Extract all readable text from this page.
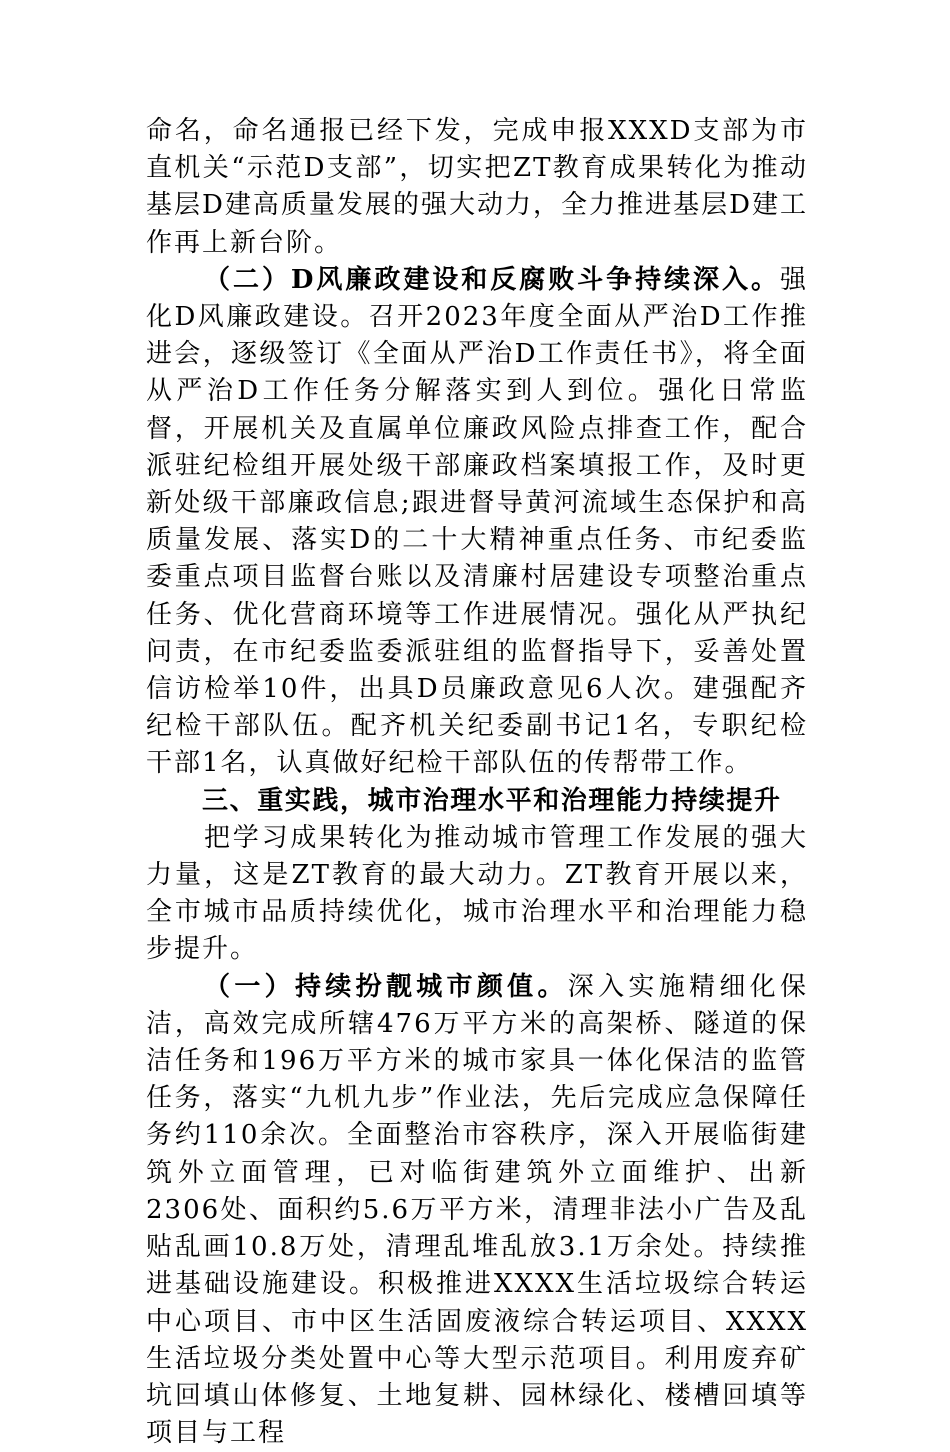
命名，命名通报已经下发，完成申报XXXD支部为市直机关“示范D支部”，切实把ZT教育成果转化为推动基层D建高质量发展的强大动力，全力推进基层D建工作再上新台阶。

（二）D风廉政建设和反腐败斗争持续深入。强化D风廉政建设。召开2023年度全面从严治D工作推进会，逐级签订《全面从严治D工作责任书》，将全面从严治D工作任务分解落实到人到位。强化日常监督，开展机关及直属单位廉政风险点排查工作，配合派驻纪检组开展处级干部廉政档案填报工作，及时更新处级干部廉政信息;跟进督导黄河流域生态保护和高质量发展、落实D的二十大精神重点任务、市纪委监委重点项目监督台账以及清廉村居建设专项整治重点任务、优化营商环境等工作进展情况。强化从严执纪问责，在市纪委监委派驻组的监督指导下，妥善处置信访检举10件，出具D员廉政意见6人次。建强配齐纪检干部队伍。配齐机关纪委副书记1名，专职纪检干部1名，认真做好纪检干部队伍的传帮带工作。

三、重实践，城市治理水平和治理能力持续提升

把学习成果转化为推动城市管理工作发展的强大力量，这是ZT教育的最大动力。ZT教育开展以来，全市城市品质持续优化，城市治理水平和治理能力稳步提升。

（一）持续扮靓城市颜值。深入实施精细化保洁，高效完成所辖476万平方米的高架桥、隧道的保洁任务和196万平方米的城市家具一体化保洁的监管任务，落实“九机九步”作业法，先后完成应急保障任务约110余次。全面整治市容秩序，深入开展临街建筑外立面管理，已对临街建筑外立面维护、出新2306处、面积约5.6万平方米，清理非法小广告及乱贴乱画10.8万处，清理乱堆乱放3.1万余处。持续推进基础设施建设。积极推进XXXX生活垃圾综合转运中心项目、市中区生活固废液综合转运项目、XXXX生活垃圾分类处置中心等大型示范项目。利用废弃矿坑回填山体修复、土地复耕、园林绿化、楼槽回填等项目与工程
